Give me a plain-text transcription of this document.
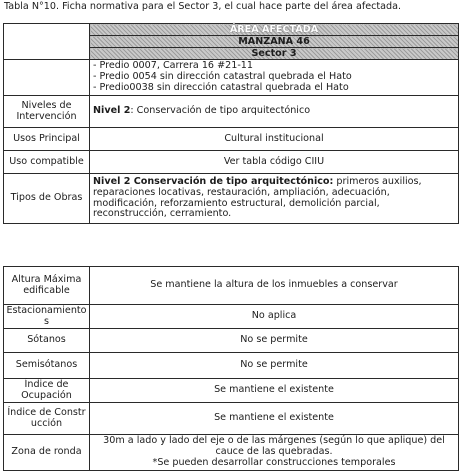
Tabla N°10. Ficha normativa para el Sector 3, el cual hace parte del área afectada.
	ÁREA AFECTADA
	MANZANA 46
	Sector 3

	- Predio 0007, Carrera 16 #21-11
- Predio 0054 sin dirección catastral quebrada el Hato
- Predio0038 sin dirección catastral quebrada el Hato

Niveles de Intervención	Nivel 2: Conservación de tipo arquitectónico
Usos Principal	Cultural institucional
Uso compatible	Ver tabla código CIIU
Tipos de Obras	Nivel 2 Conservación de tipo arquitectónico: primeros auxilios, reparaciones locativas, restauración, ampliación, adecuación, modificación, reforzamiento estructural, demolición parcial, reconstrucción, cerramiento.
Altura Máxima edificable	Se mantiene la altura de los inmuebles a conservar
Estacionamientos	No aplica
Sótanos	No se permite
Semisótanos	No se permite
Índice de Ocupación	Se mantiene el existente
Índice de Construcción	Se mantiene el existente
Zona de ronda	30m a lado y lado del eje o de las márgenes (según lo que aplique) del cauce de las quebradas.
*Se pueden desarrollar construcciones temporales
